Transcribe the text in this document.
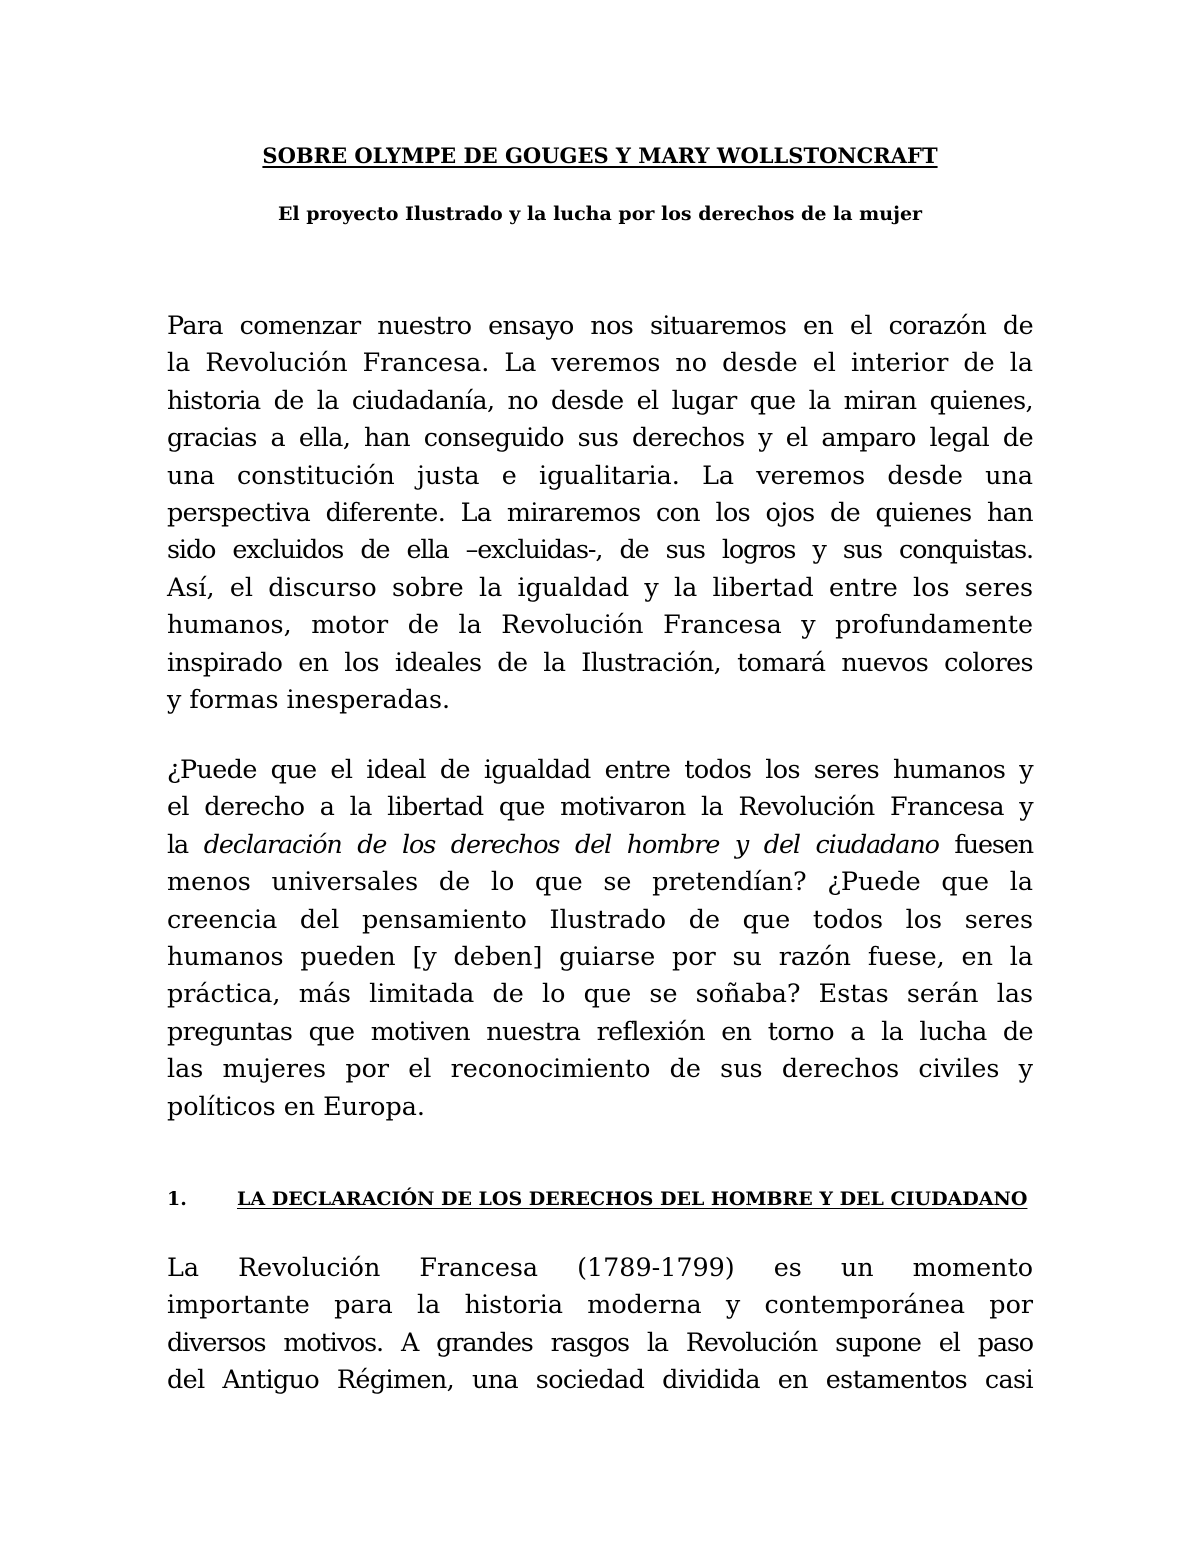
SOBRE OLYMPE DE GOUGES Y MARY WOLLSTONCRAFT
El proyecto Ilustrado y la lucha por los derechos de la mujer
Para comenzar nuestro ensayo nos situaremos en el corazón de
la Revolución Francesa. La veremos no desde el interior de la
historia de la ciudadanía, no desde el lugar que la miran quienes,
gracias a ella, han conseguido sus derechos y el amparo legal de
una constitución justa e igualitaria. La veremos desde una
perspectiva diferente. La miraremos con los ojos de quienes han
sido excluidos de ella –excluidas-, de sus logros y sus conquistas.
Así, el discurso sobre la igualdad y la libertad entre los seres
humanos, motor de la Revolución Francesa y profundamente
inspirado en los ideales de la Ilustración, tomará nuevos colores
y formas inesperadas.
¿Puede que el ideal de igualdad entre todos los seres humanos y
el derecho a la libertad que motivaron la Revolución Francesa y
la declaración de los derechos del hombre y del ciudadano fuesen
menos universales de lo que se pretendían? ¿Puede que la
creencia del pensamiento Ilustrado de que todos los seres
humanos pueden [y deben] guiarse por su razón fuese, en la
práctica, más limitada de lo que se soñaba? Estas serán las
preguntas que motiven nuestra reflexión en torno a la lucha de
las mujeres por el reconocimiento de sus derechos civiles y
políticos en Europa.
1.	LA DECLARACIÓN DE LOS DERECHOS DEL HOMBRE Y DEL CIUDADANO
La Revolución Francesa (1789-1799) es un momento
importante para la historia moderna y contemporánea por
diversos motivos. A grandes rasgos la Revolución supone el paso
del Antiguo Régimen, una sociedad dividida en estamentos casi
